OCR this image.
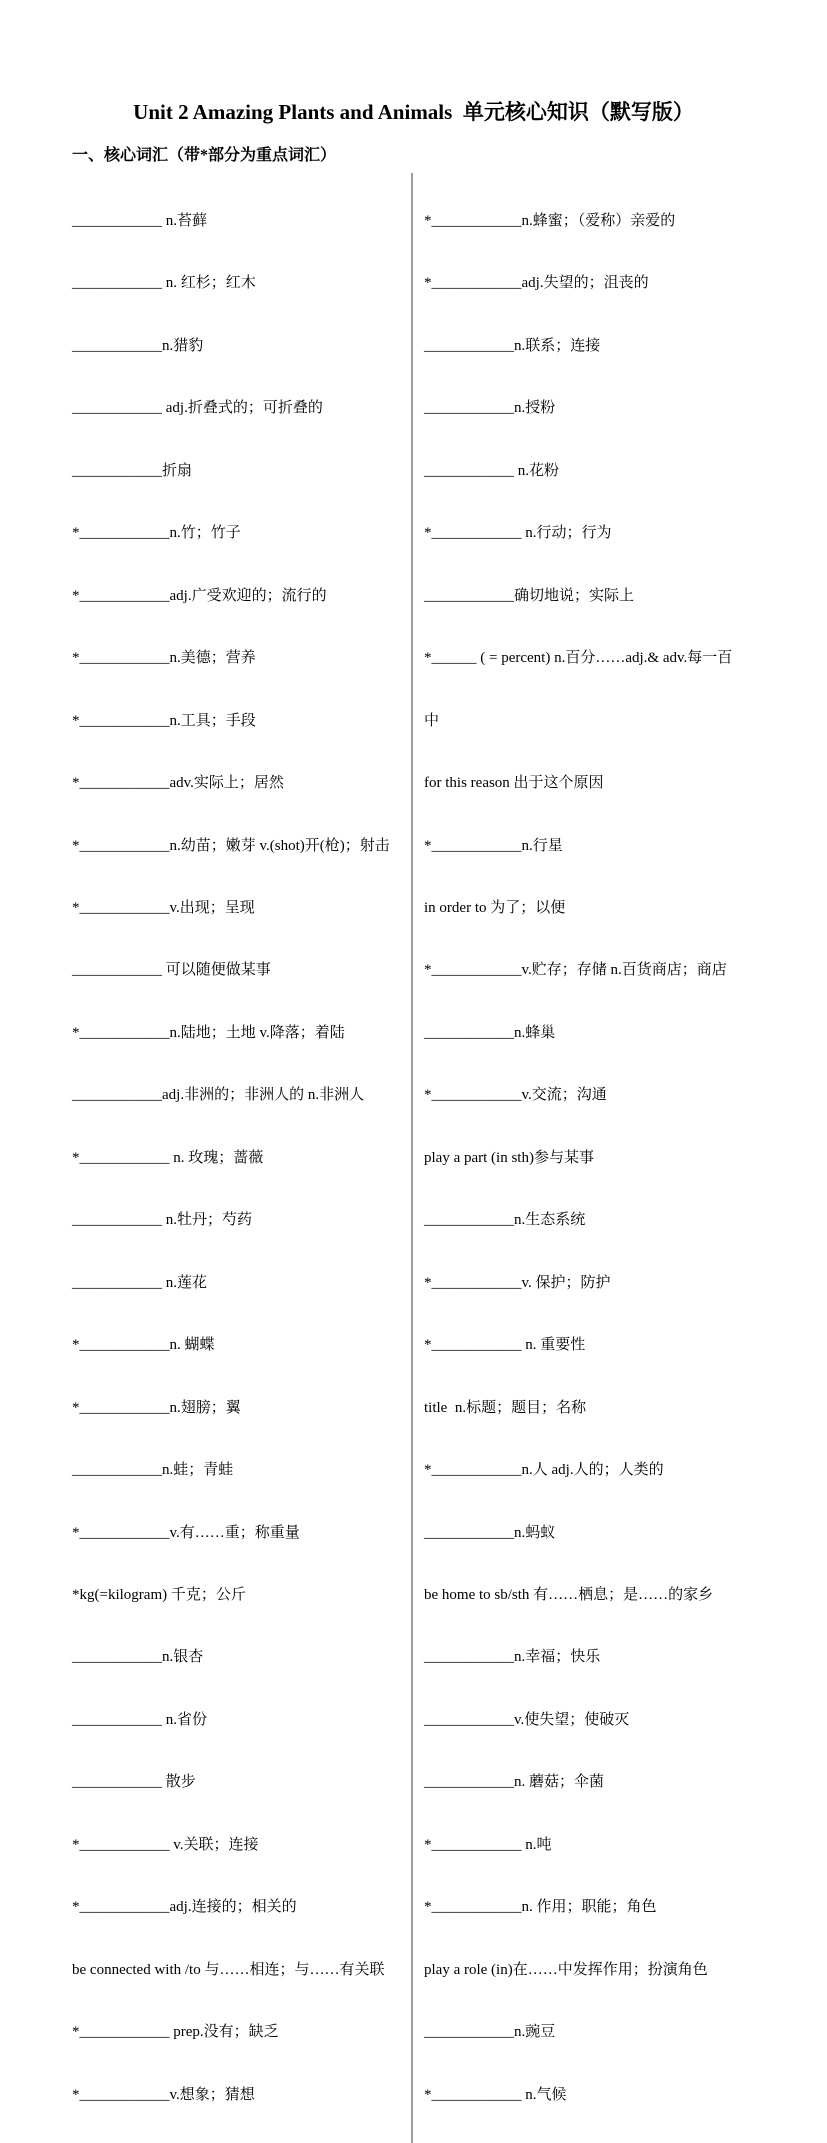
Unit 2 Amazing Plants and Animals  单元核心知识（默写版）
一、核心词汇（带*部分为重点词汇）

____________ n.苔藓

____________ n. 红杉；红木

____________n.猎豹

____________ adj.折叠式的；可折叠的

____________折扇

*____________n.竹；竹子

*____________adj.广受欢迎的；流行的

*____________n.美德；营养

*____________n.工具；手段

*____________adv.实际上；居然

*____________n.幼苗；嫩芽 v.(shot)开(枪)；射击

*____________v.出现；呈现

____________ 可以随便做某事

*____________n.陆地；土地 v.降落；着陆

____________adj.非洲的；非洲人的 n.非洲人

*____________ n. 玫瑰；蔷薇

____________ n.牡丹；芍药

____________ n.莲花

*____________n. 蝴蝶

*____________n.翅膀；翼

____________n.蛙；青蛙

*____________v.有……重；称重量

*kg(=kilogram) 千克；公斤

____________n.银杏

____________ n.省份

____________ 散步

*____________ v.关联；连接

*____________adj.连接的；相关的

be connected with /to 与……相连；与……有关联

*____________ prep.没有；缺乏

*____________v.想象；猜想

*____________n.蜂蜜；（爱称）亲爱的

*____________adj.失望的；沮丧的

____________n.联系；连接

____________n.授粉

____________ n.花粉

*____________ n.行动；行为

____________确切地说；实际上

*______ ( = percent) n.百分……adj.& adv.每一百

中

for this reason 出于这个原因

*____________n.行星

in order to 为了；以便

*____________v.贮存；存储 n.百货商店；商店

____________n.蜂巢

*____________v.交流；沟通

play a part (in sth)参与某事

____________n.生态系统

*____________v. 保护；防护

*____________ n. 重要性

title  n.标题；题目；名称

*____________n.人 adj.人的；人类的

____________n.蚂蚁

be home to sb/sth 有……栖息；是……的家乡

____________n.幸福；快乐

____________v.使失望；使破灭

____________n. 蘑菇；伞菌

*____________ n.吨

*____________n. 作用；职能；角色

play a role (in)在……中发挥作用；扮演角色

____________n.豌豆

*____________ n.气候
